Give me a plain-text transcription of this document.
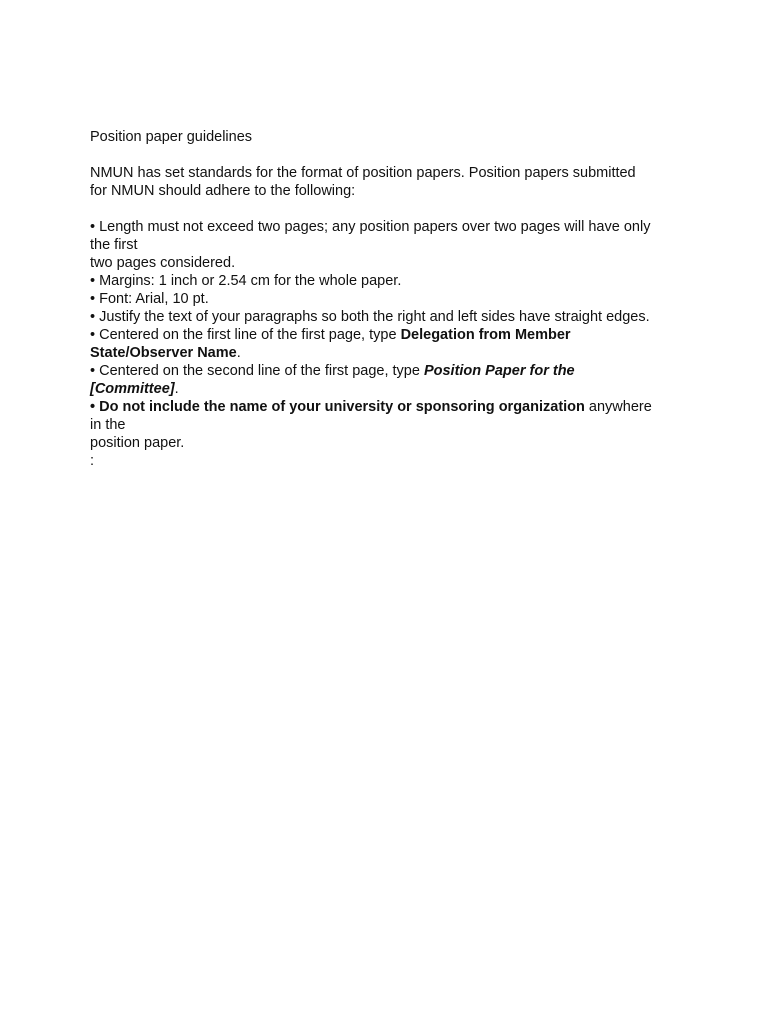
Position paper guidelines

NMUN has set standards for the format of position papers. Position papers submitted

for NMUN should adhere to the following:

• Length must not exceed two pages; any position papers over two pages will have only

the first

two pages considered.

• Margins: 1 inch or 2.54 cm for the whole paper.

• Font: Arial, 10 pt.

• Justify the text of your paragraphs so both the right and left sides have straight edges.

• Centered on the first line of the first page, type Delegation from Member

State/Observer Name.

• Centered on the second line of the first page, type Position Paper for the

[Committee].

• Do not include the name of your university or sponsoring organization anywhere

in the

position paper.

:
